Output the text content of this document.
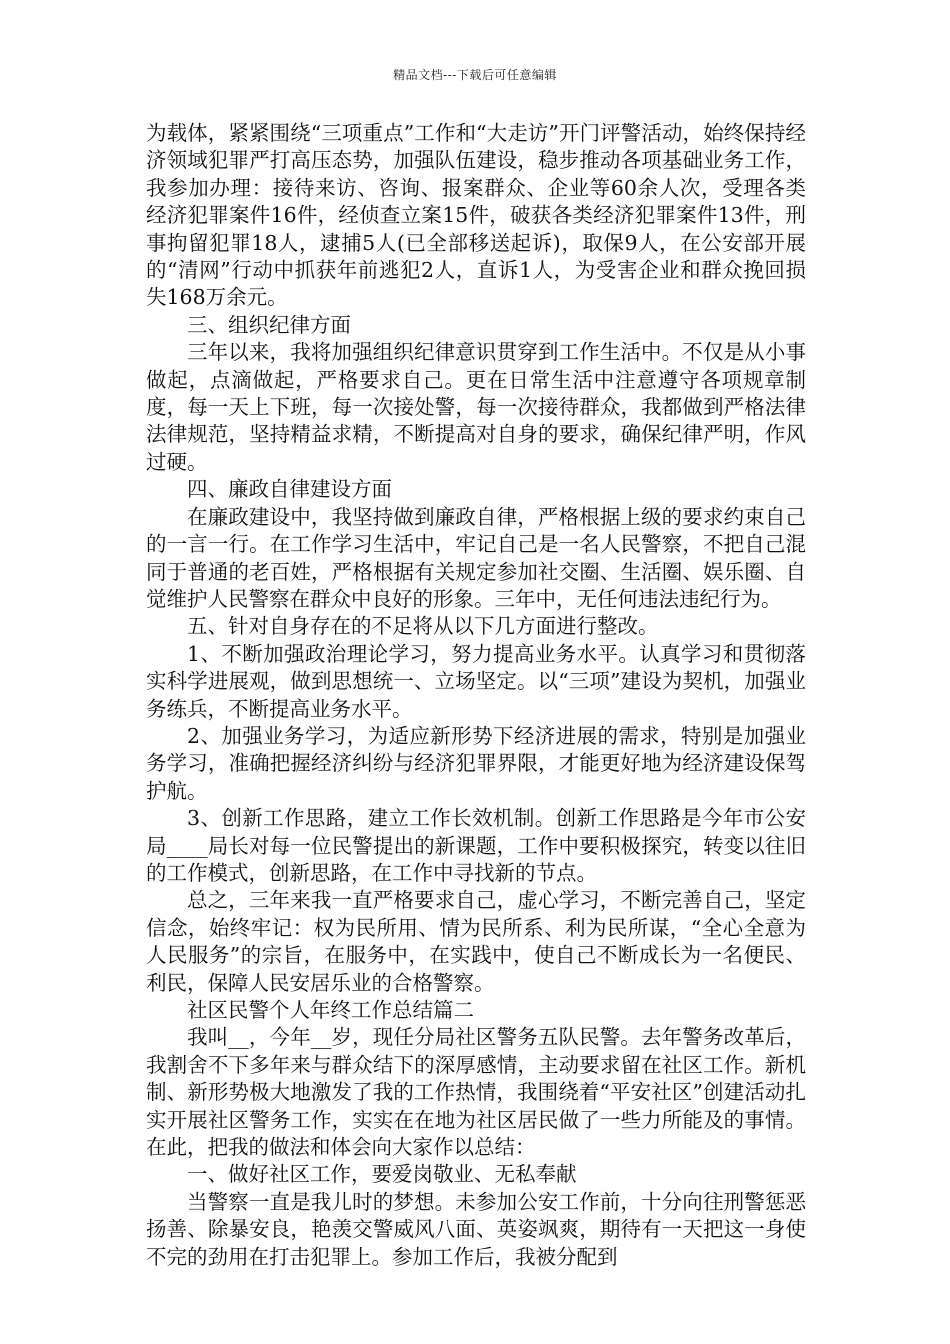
精品文档---下载后可任意编辑

为载体，紧紧围绕“三项重点”工作和“大走访”开门评警活动，始终保持经济领域犯罪严打高压态势，加强队伍建设，稳步推动各项基础业务工作，我参加办理：接待来访、咨询、报案群众、企业等60余人次，受理各类经济犯罪案件16件，经侦查立案15件，破获各类经济犯罪案件13件，刑事拘留犯罪18人，逮捕5人(已全部移送起诉)，取保9人，在公安部开展的“清网”行动中抓获年前逃犯2人，直诉1人，为受害企业和群众挽回损失168万余元。

三、组织纪律方面

三年以来，我将加强组织纪律意识贯穿到工作生活中。不仅是从小事做起，点滴做起，严格要求自己。更在日常生活中注意遵守各项规章制度，每一天上下班，每一次接处警，每一次接待群众，我都做到严格法律法律规范，坚持精益求精，不断提高对自身的要求，确保纪律严明，作风过硬。

四、廉政自律建设方面

在廉政建设中，我坚持做到廉政自律，严格根据上级的要求约束自己的一言一行。在工作学习生活中，牢记自己是一名人民警察，不把自己混同于普通的老百姓，严格根据有关规定参加社交圈、生活圈、娱乐圈、自觉维护人民警察在群众中良好的形象。三年中，无任何违法违纪行为。

五、针对自身存在的不足将从以下几方面进行整改。

1、不断加强政治理论学习，努力提高业务水平。认真学习和贯彻落实科学进展观，做到思想统一、立场坚定。以“三项”建设为契机，加强业务练兵，不断提高业务水平。

2、加强业务学习，为适应新形势下经济进展的需求，特别是加强业务学习，准确把握经济纠纷与经济犯罪界限，才能更好地为经济建设保驾护航。

3、创新工作思路，建立工作长效机制。创新工作思路是今年市公安局____局长对每一位民警提出的新课题，工作中要积极探究，转变以往旧的工作模式，创新思路，在工作中寻找新的节点。

总之，三年来我一直严格要求自己，虚心学习，不断完善自己，坚定信念，始终牢记：权为民所用、情为民所系、利为民所谋，“全心全意为人民服务”的宗旨，在服务中，在实践中，使自己不断成长为一名便民、利民，保障人民安居乐业的合格警察。

社区民警个人年终工作总结篇二

我叫__，今年__岁，现任分局社区警务五队民警。去年警务改革后，我割舍不下多年来与群众结下的深厚感情，主动要求留在社区工作。新机制、新形势极大地激发了我的工作热情，我围绕着“平安社区”创建活动扎实开展社区警务工作，实实在在地为社区居民做了一些力所能及的事情。在此，把我的做法和体会向大家作以总结：

一、做好社区工作，要爱岗敬业、无私奉献

当警察一直是我儿时的梦想。未参加公安工作前，十分向往刑警惩恶扬善、除暴安良，艳羡交警威风八面、英姿飒爽，期待有一天把这一身使不完的劲用在打击犯罪上。参加工作后，我被分配到
